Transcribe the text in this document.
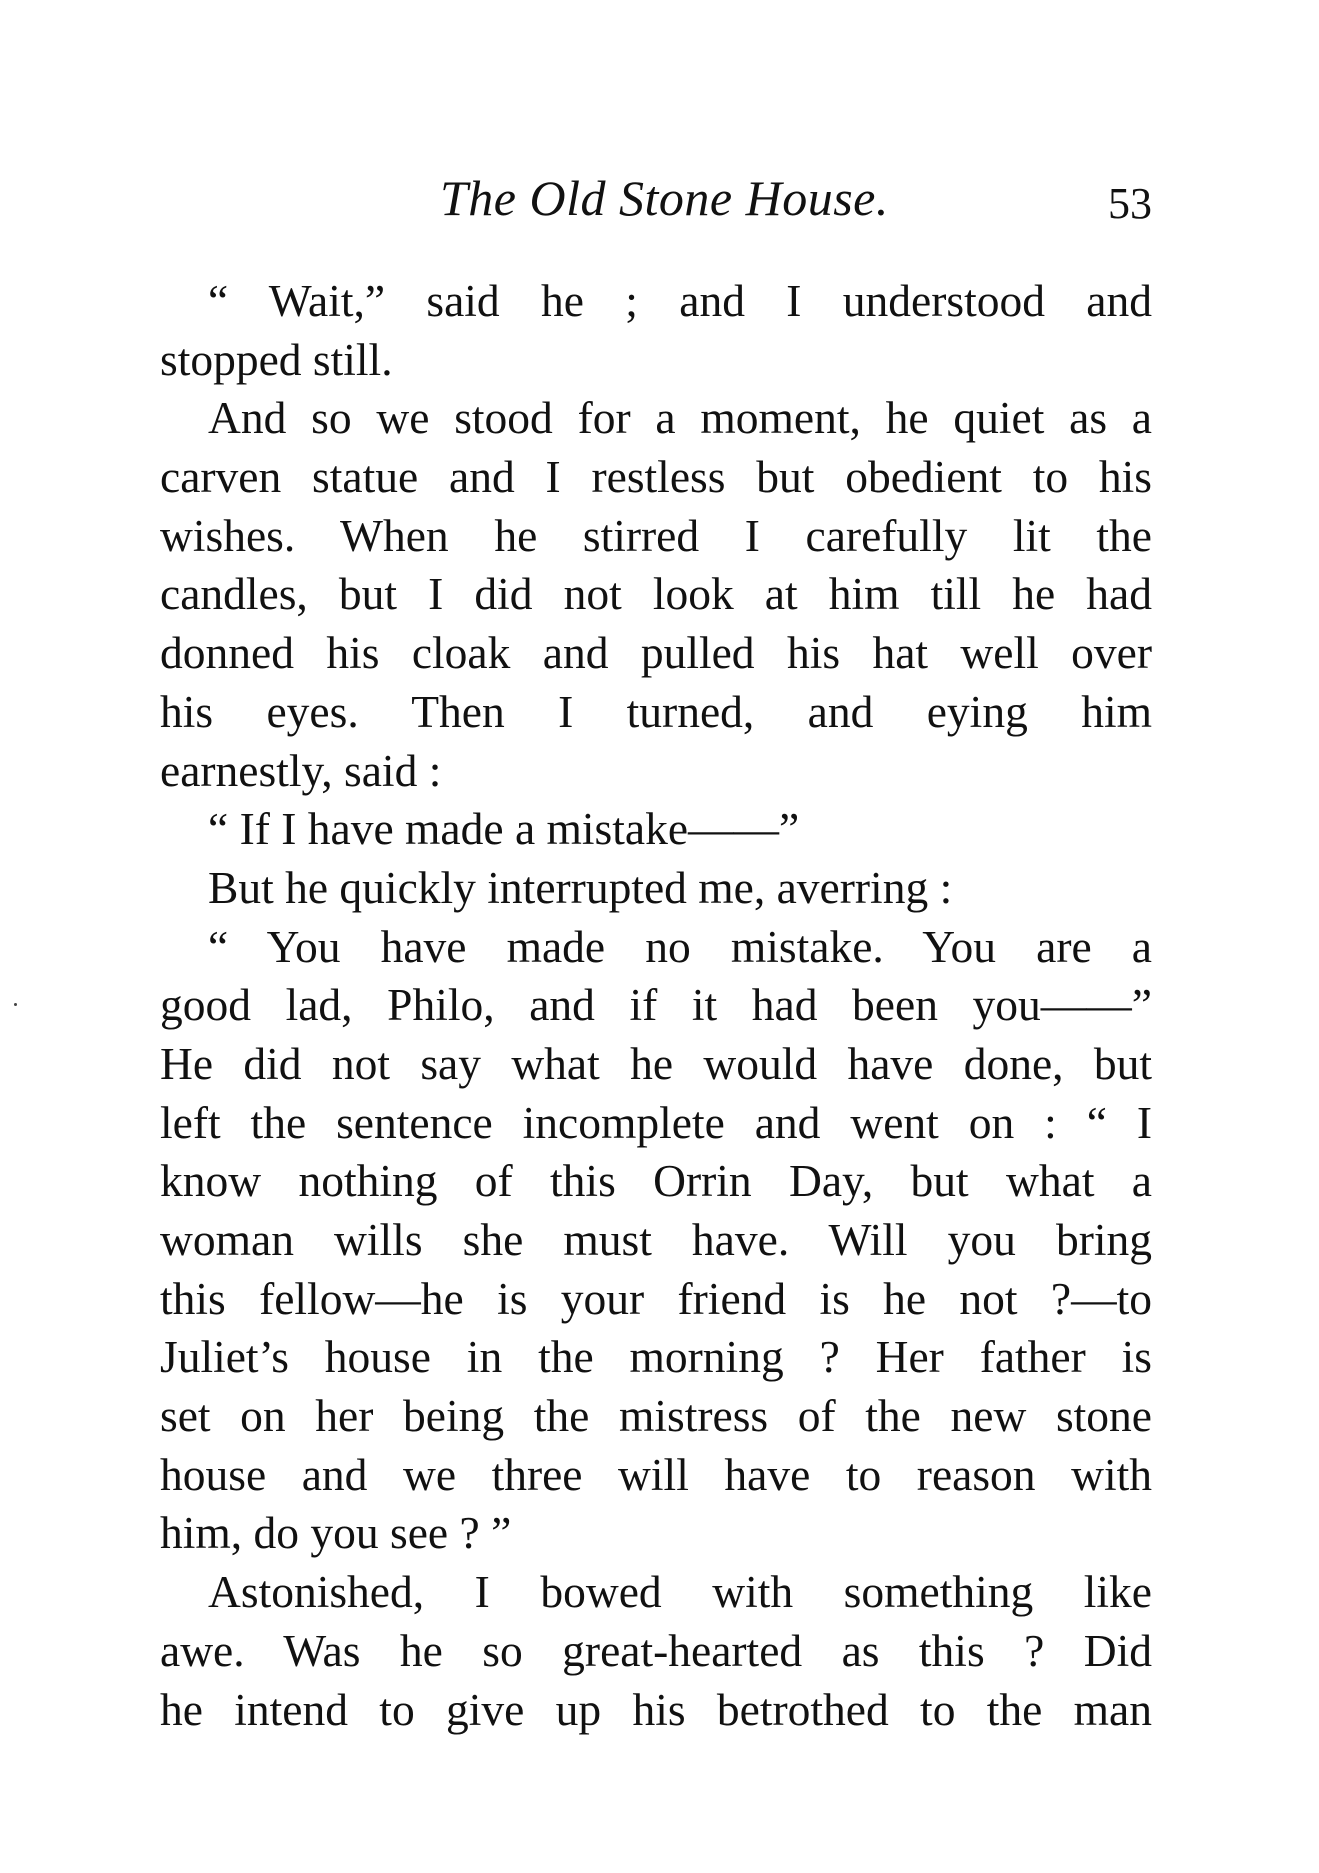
The Old Stone House.	53
“ Wait,” said he ; and I understood and
stopped still.
And so we stood for a moment, he quiet as a
carven statue and I restless but obedient to his
wishes. When he stirred I carefully lit the
candles, but I did not look at him till he had
donned his cloak and pulled his hat well over
his eyes. Then I turned, and eying him
earnestly, said :
“ If I have made a mistake——”
But he quickly interrupted me, averring :
“ You have made no mistake. You are a
good lad, Philo, and if it had been you——”
He did not say what he would have done, but
left the sentence incomplete and went on : “ I
know nothing of this Orrin Day, but what a
woman wills she must have. Will you bring
this fellow—he is your friend is he not ?—to
Juliet’s house in the morning ? Her father is
set on her being the mistress of the new stone
house and we three will have to reason with
him, do you see ? ”
Astonished, I bowed with something like
awe. Was he so great-hearted as this ? Did
he intend to give up his betrothed to the man
